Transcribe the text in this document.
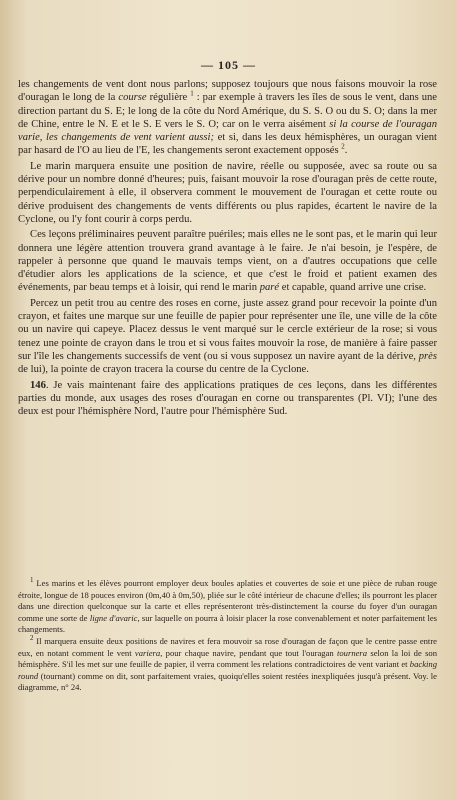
— 105 —

les changements de vent dont nous parlons; supposez toujours que nous faisons mouvoir la rose d'ouragan le long de la course régulière $^1$ : par exemple à travers les îles de sous le vent, dans une direction partant du S. E; le long de la côte du Nord Amérique, du S. S. O ou du S. O; dans la mer de Chine, entre le N. E et le S. E vers le S. O; car on le verra aisément si la course de l'ouragan varie, les changements de vent varient aussi; et si, dans les deux hémisphères, un ouragan vient par hasard de l'O au lieu de l'E, les changements seront exactement opposés $^2$.

Le marin marquera ensuite une position de navire, réelle ou supposée, avec sa route ou sa dérive pour un nombre donné d'heures; puis, faisant mouvoir la rose d'ouragan près de cette route, perpendiculairement à elle, il observera comment le mouvement de l'ouragan et cette route ou dérive produisent des changements de vents différents ou plus rapides, écartent le navire de la Cyclone, ou l'y font courir à corps perdu.

Ces leçons préliminaires peuvent paraître puériles; mais elles ne le sont pas, et le marin qui leur donnera une légère attention trouvera grand avantage à le faire. Je n'ai besoin, je l'espère, de rappeler à personne que quand le mauvais temps vient, on a d'autres occupations que celle d'étudier alors les applications de la science, et que c'est le froid et patient examen des événements, par beau temps et à loisir, qui rend le marin paré et capable, quand arrive une crise.

Percez un petit trou au centre des roses en corne, juste assez grand pour recevoir la pointe d'un crayon, et faites une marque sur une feuille de papier pour représenter une île, une ville de la côte ou un navire qui capeye. Placez dessus le vent marqué sur le cercle extérieur de la rose; si vous tenez une pointe de crayon dans le trou et si vous faites mouvoir la rose, de manière à faire passer sur l'île les changements successifs de vent (ou si vous supposez un navire ayant de la dérive, près de lui), la pointe de crayon tracera la course du centre de la Cyclone.

146. Je vais maintenant faire des applications pratiques de ces leçons, dans les différentes parties du monde, aux usages des roses d'ouragan en corne ou transparentes (Pl. VI); l'une des deux est pour l'hémisphère Nord, l'autre pour l'hémisphère Sud.

$^1$ Les marins et les élèves pourront employer deux boules aplaties et couvertes de soie et une pièce de ruban rouge étroite, longue de 18 pouces environ (0m,40 à 0m,50), pliée sur le côté intérieur de chacune d'elles; ils pourront les placer dans une direction quelconque sur la carte et elles représenteront très-distinctement la course du foyer d'un ouragan comme une sorte de ligne d'avaric, sur laquelle on pourra à loisir placer la rose convenablement et noter parfaitement les changements.

$^2$ Il marquera ensuite deux positions de navires et fera mouvoir sa rose d'ouragan de façon que le centre passe entre eux, en notant comment le vent variera, pour chaque navire, pendant que tout l'ouragan tournera selon la loi de son hémisphère. S'il les met sur une feuille de papier, il verra comment les relations contradictoires de vent variant et backing round (tournant) comme on dit, sont parfaitement vraies, quoiqu'elles soient restées inexpliquées jusqu'à présent. Voy. le diagramme, n° 24.
